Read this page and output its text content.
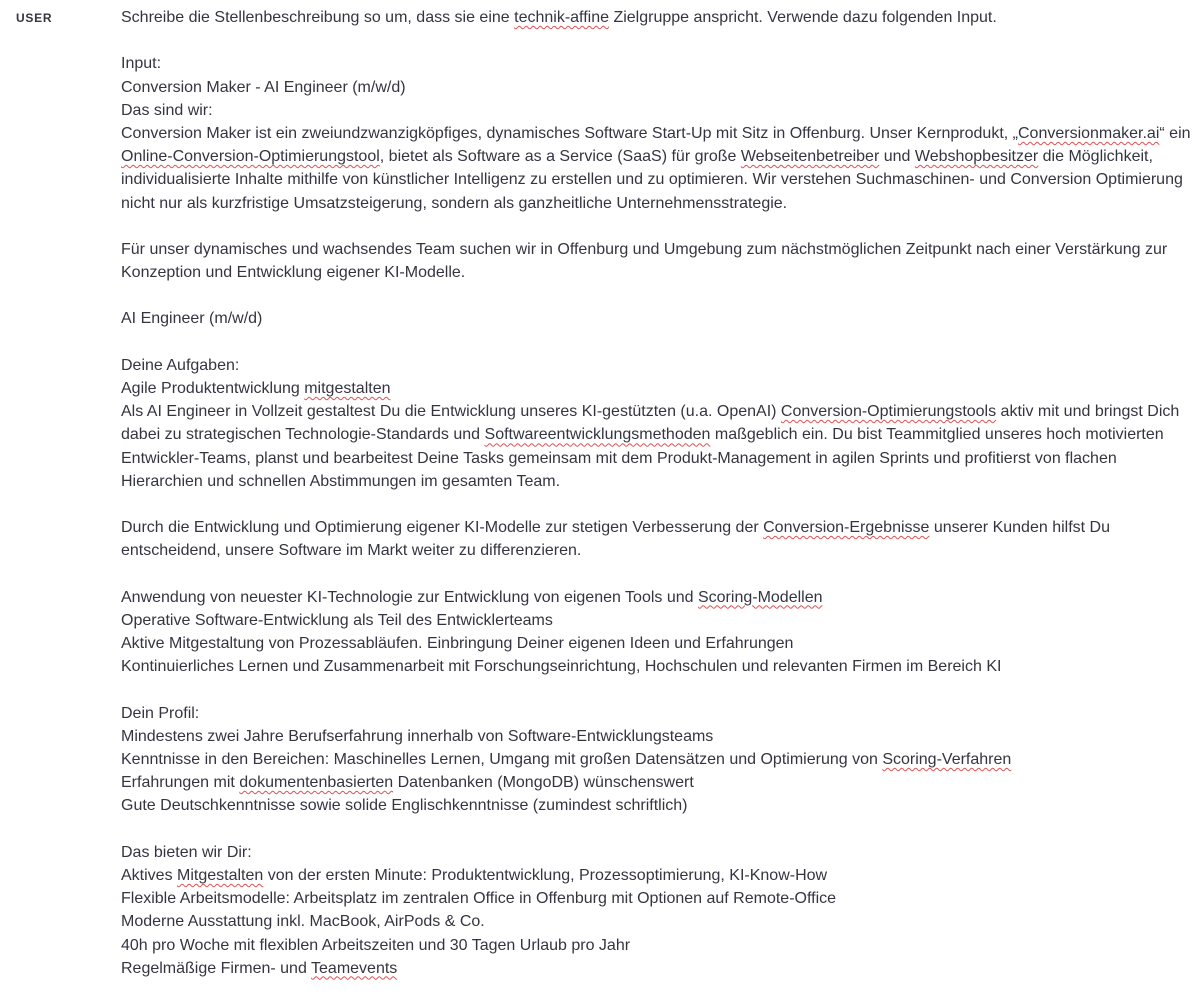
USER	Schreibe die Stellenbeschreibung so um, dass sie eine technik-affine Zielgruppe anspricht. Verwende dazu folgenden Input.
Input:
Conversion Maker - AI Engineer (m/w/d)
Das sind wir:
Conversion Maker ist ein zweiundzwanzigköpfiges, dynamisches Software Start-Up mit Sitz in Offenburg. Unser Kernprodukt, „Conversionmaker.ai“ ein
Online-Conversion-Optimierungstool, bietet als Software as a Service (SaaS) für große Webseitenbetreiber und Webshopbesitzer die Möglichkeit,
individualisierte Inhalte mithilfe von künstlicher Intelligenz zu erstellen und zu optimieren. Wir verstehen Suchmaschinen- und Conversion Optimierung
nicht nur als kurzfristige Umsatzsteigerung, sondern als ganzheitliche Unternehmensstrategie.
Für unser dynamisches und wachsendes Team suchen wir in Offenburg und Umgebung zum nächstmöglichen Zeitpunkt nach einer Verstärkung zur
Konzeption und Entwicklung eigener KI-Modelle.
AI Engineer (m/w/d)
Deine Aufgaben:
Agile Produktentwicklung mitgestalten
Als AI Engineer in Vollzeit gestaltest Du die Entwicklung unseres KI-gestützten (u.a. OpenAI) Conversion-Optimierungstools aktiv mit und bringst Dich
dabei zu strategischen Technologie-Standards und Softwareentwicklungsmethoden maßgeblich ein. Du bist Teammitglied unseres hoch motivierten
Entwickler-Teams, planst und bearbeitest Deine Tasks gemeinsam mit dem Produkt-Management in agilen Sprints und profitierst von flachen
Hierarchien und schnellen Abstimmungen im gesamten Team.
Durch die Entwicklung und Optimierung eigener KI-Modelle zur stetigen Verbesserung der Conversion-Ergebnisse unserer Kunden hilfst Du
entscheidend, unsere Software im Markt weiter zu differenzieren.
Anwendung von neuester KI-Technologie zur Entwicklung von eigenen Tools und Scoring-Modellen
Operative Software-Entwicklung als Teil des Entwicklerteams
Aktive Mitgestaltung von Prozessabläufen. Einbringung Deiner eigenen Ideen und Erfahrungen
Kontinuierliches Lernen und Zusammenarbeit mit Forschungseinrichtung, Hochschulen und relevanten Firmen im Bereich KI
Dein Profil:
Mindestens zwei Jahre Berufserfahrung innerhalb von Software-Entwicklungsteams
Kenntnisse in den Bereichen: Maschinelles Lernen, Umgang mit großen Datensätzen und Optimierung von Scoring-Verfahren
Erfahrungen mit dokumentenbasierten Datenbanken (MongoDB) wünschenswert
Gute Deutschkenntnisse sowie solide Englischkenntnisse (zumindest schriftlich)
Das bieten wir Dir:
Aktives Mitgestalten von der ersten Minute: Produktentwicklung, Prozessoptimierung, KI-Know-How
Flexible Arbeitsmodelle: Arbeitsplatz im zentralen Office in Offenburg mit Optionen auf Remote-Office
Moderne Ausstattung inkl. MacBook, AirPods & Co.
40h pro Woche mit flexiblen Arbeitszeiten und 30 Tagen Urlaub pro Jahr
Regelmäßige Firmen- und Teamevents
